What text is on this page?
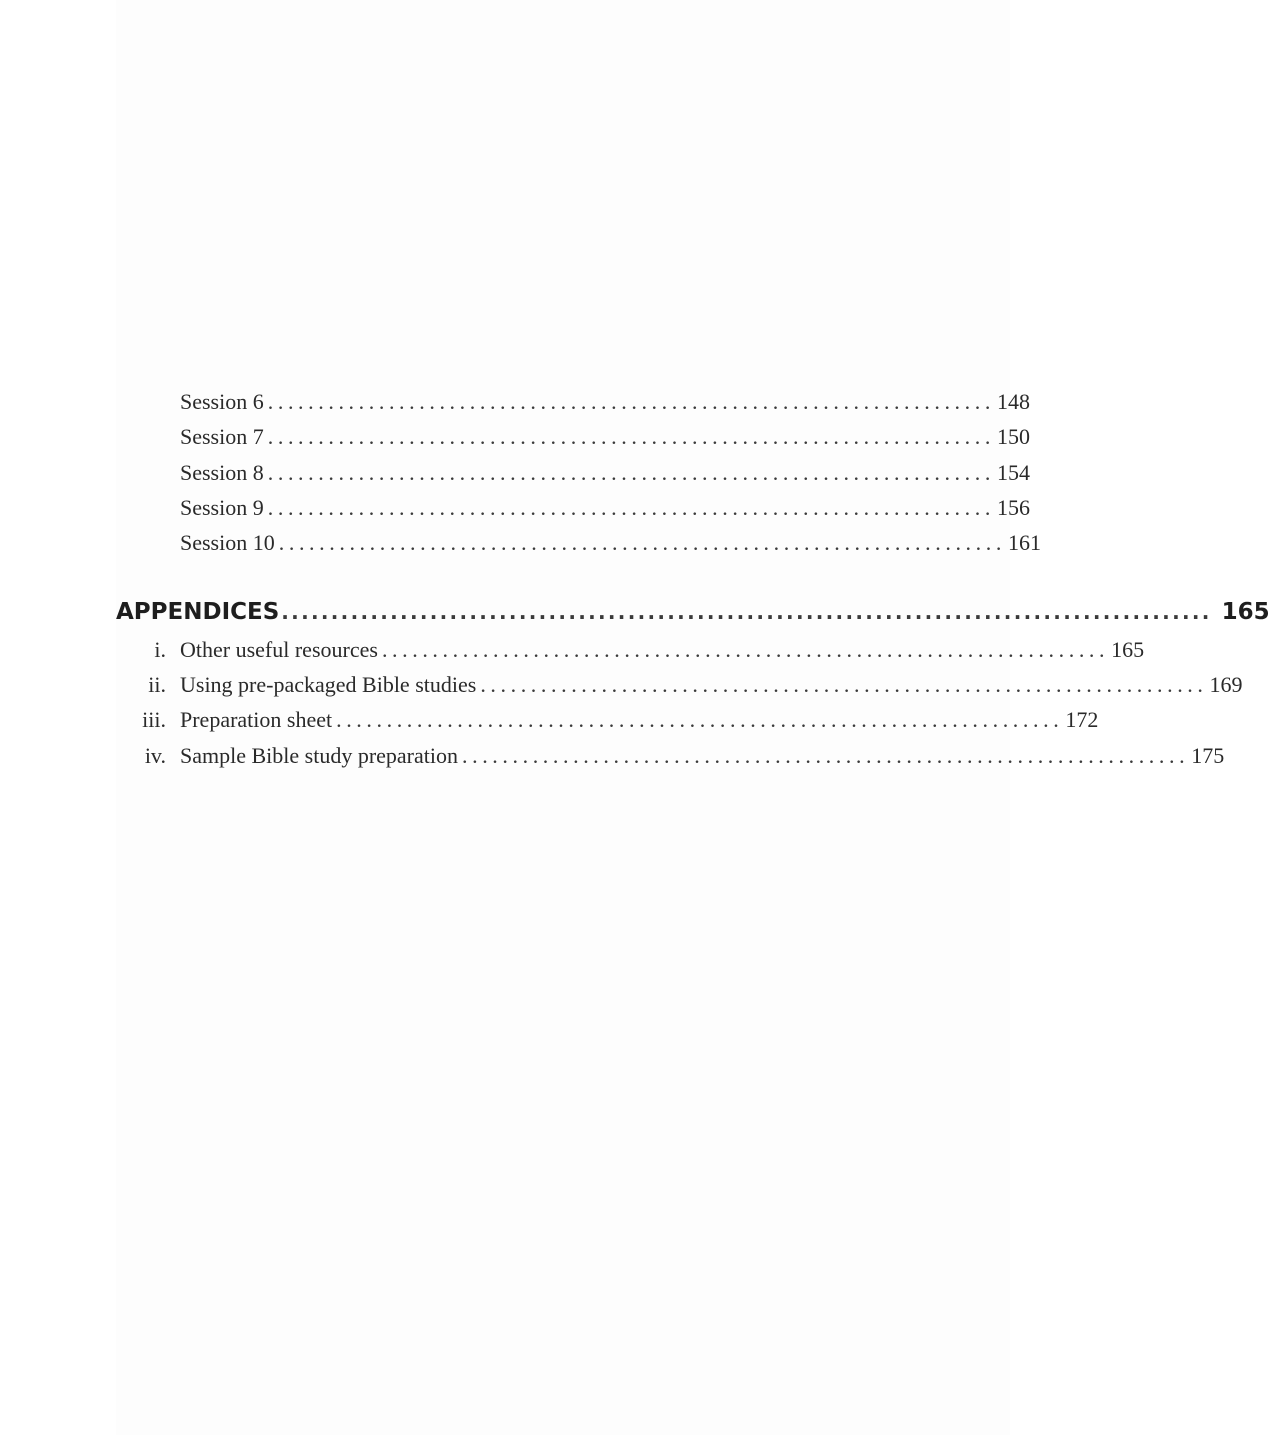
Session 6 ........................................................................ 148
Session 7 ........................................................................ 150
Session 8 ........................................................................ 154
Session 9 ........................................................................ 156
Session 10 ........................................................................ 161
APPENDICES .............................................................................................. 165
i. Other useful resources ........................................................................ 165
ii. Using pre-packaged Bible studies ........................................................................ 169
iii. Preparation sheet ........................................................................ 172
iv. Sample Bible study preparation ........................................................................ 175
